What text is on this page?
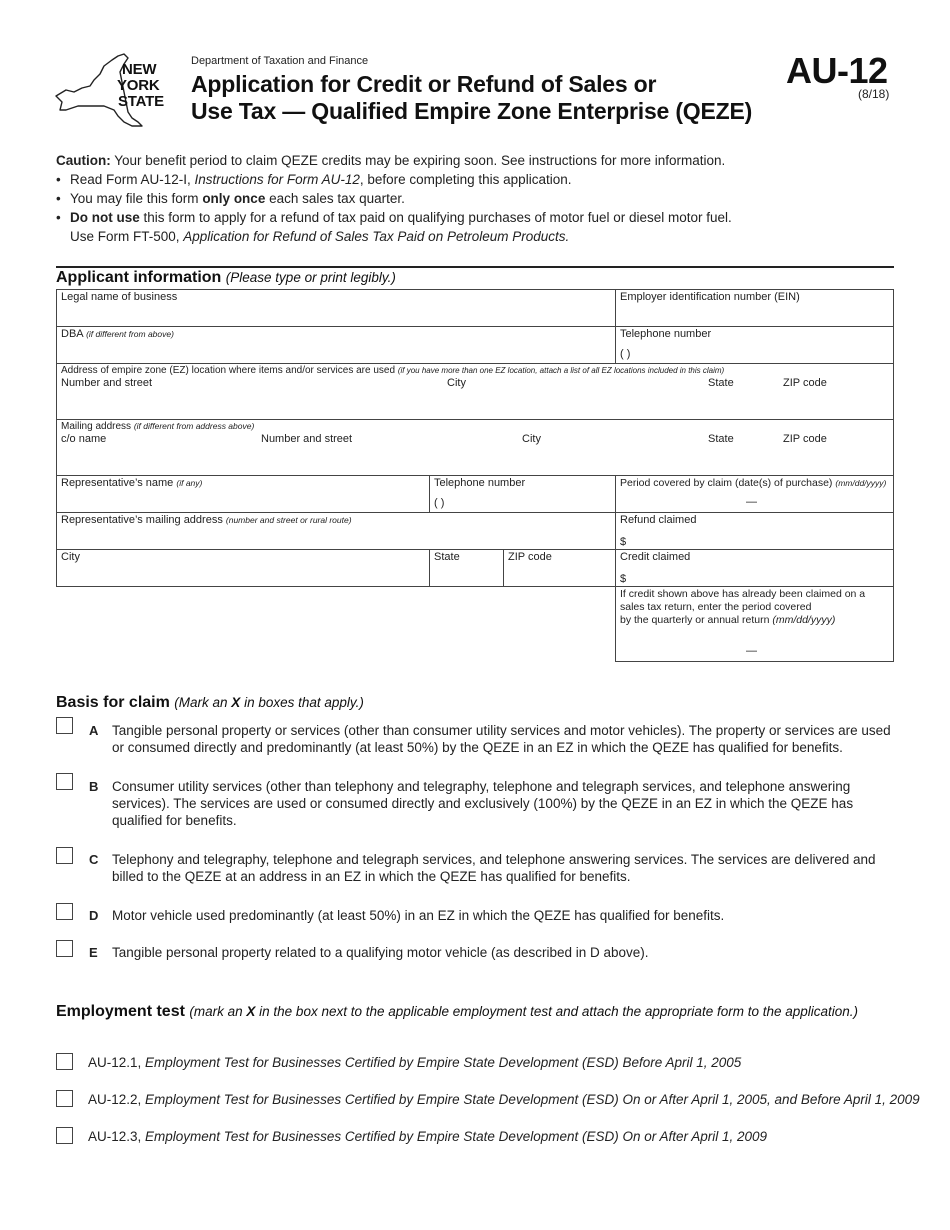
NEW
YORK
STATE
Department of Taxation and Finance
Application for Credit or Refund of Sales or
Use Tax — Qualified Empire Zone Enterprise (QEZE)
AU-12
(8/18)
Caution: Your benefit period to claim QEZE credits may be expiring soon. See instructions for more information.
• Read Form AU-12-I, Instructions for Form AU-12, before completing this application.
• You may file this form only once each sales tax quarter.
• Do not use this form to apply for a refund of tax paid on qualifying purchases of motor fuel or diesel motor fuel.
Use Form FT-500, Application for Refund of Sales Tax Paid on Petroleum Products.
Applicant information (Please type or print legibly.)
Legal name of business	Employer identification number (EIN)
DBA (if different from above)	Telephone number
( )
Address of empire zone (EZ) location where items and/or services are used (if you have more than one EZ location, attach a list of all EZ locations included in this claim)
Number and street	City	State	ZIP code
Mailing address (if different from address above)
c/o name	Number and street	City	State	ZIP code
Representative’s name (if any)	Telephone number
( )
Period covered by claim (date(s) of purchase) (mm/dd/yyyy)
—
Representative’s mailing address (number and street or rural route)	Refund claimed
$
City	State	ZIP code	Credit claimed
$
If credit shown above has already been claimed on a
sales tax return, enter the period covered
by the quarterly or annual return (mm/dd/yyyy)
—
Basis for claim (Mark an X in boxes that apply.)
A Tangible personal property or services (other than consumer utility services and motor vehicles). The property or services are used or consumed directly and predominantly (at least 50%) by the QEZE in an EZ in which the QEZE has qualified for benefits.
B Consumer utility services (other than telephony and telegraphy, telephone and telegraph services, and telephone answering services). The services are used or consumed directly and exclusively (100%) by the QEZE in an EZ in which the QEZE has qualified for benefits.
C Telephony and telegraphy, telephone and telegraph services, and telephone answering services. The services are delivered and billed to the QEZE at an address in an EZ in which the QEZE has qualified for benefits.
D Motor vehicle used predominantly (at least 50%) in an EZ in which the QEZE has qualified for benefits.
E Tangible personal property related to a qualifying motor vehicle (as described in D above).
Employment test (mark an X in the box next to the applicable employment test and attach the appropriate form to the application.)
AU-12.1, Employment Test for Businesses Certified by Empire State Development (ESD) Before April 1, 2005
AU-12.2, Employment Test for Businesses Certified by Empire State Development (ESD) On or After April 1, 2005, and Before April 1, 2009
AU-12.3, Employment Test for Businesses Certified by Empire State Development (ESD) On or After April 1, 2009
